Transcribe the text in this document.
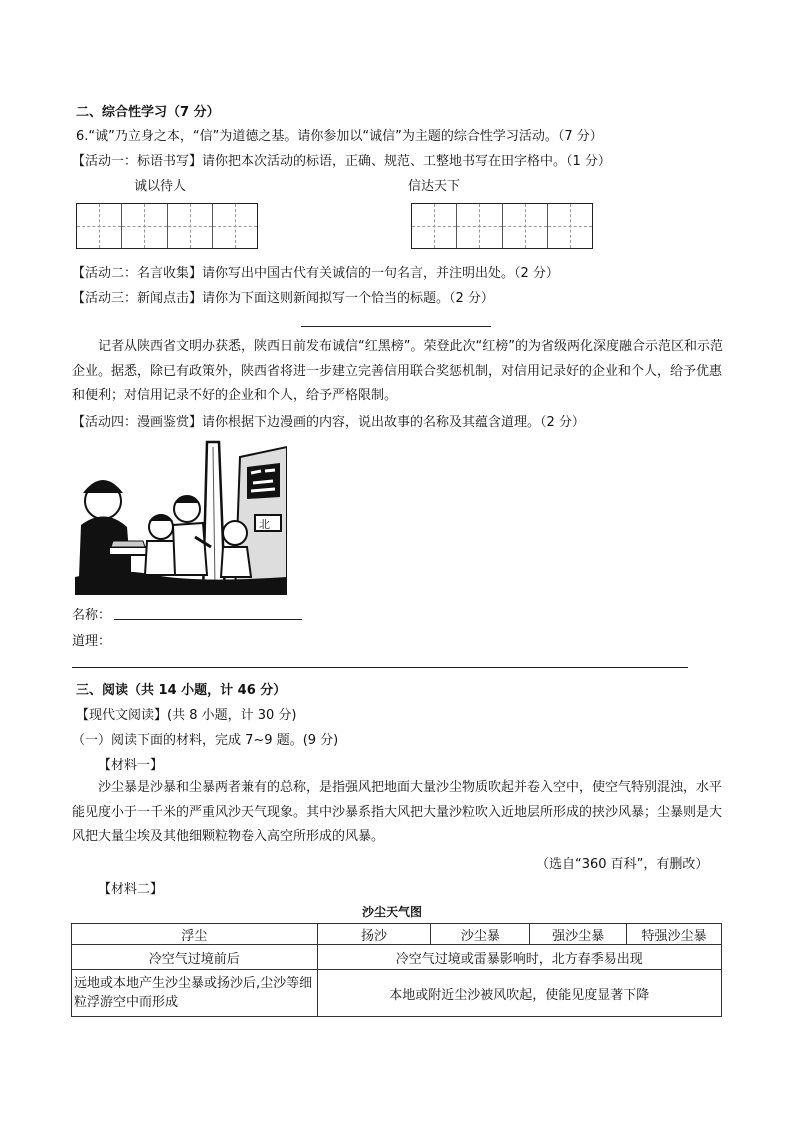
二、综合性学习（7 分）
6.“诚”乃立身之本，“信”为道德之基。请你参加以“诚信”为主题的综合性学习活动。（7 分）
【活动一：标语书写】请你把本次活动的标语，正确、规范、工整地书写在田字格中。（1 分）
诚以待人	信达天下
【活动二：名言收集】请你写出中国古代有关诚信的一句名言，并注明出处。（2 分）
【活动三：新闻点击】请你为下面这则新闻拟写一个恰当的标题。（2 分）
记者从陕西省文明办获悉，陕西日前发布诚信“红黑榜”。荣登此次“红榜”的为省级两化深度融合示范区和示范企业。据悉，除已有政策外，陕西省将进一步建立完善信用联合奖惩机制，对信用记录好的企业和个人，给予优惠和便利；对信用记录不好的企业和个人，给予严格限制。
【活动四：漫画鉴赏】请你根据下边漫画的内容，说出故事的名称及其蕴含道理。（2 分）
北
名称：
道理：
三、阅读（共 14 小题，计 46 分）
【现代文阅读】(共 8 小题，计 30 分)
（一）阅读下面的材料，完成 7~9 题。(9 分)
【材料一】
沙尘暴是沙暴和尘暴两者兼有的总称，是指强风把地面大量沙尘物质吹起并卷入空中，使空气特别混浊，水平能见度小于一千米的严重风沙天气现象。其中沙暴系指大风把大量沙粒吹入近地层所形成的挟沙风暴；尘暴则是大风把大量尘埃及其他细颗粒物卷入高空所形成的风暴。
（选自“360 百科”，有删改）
【材料二】
沙尘天气图
浮尘	扬沙	沙尘暴	强沙尘暴	特强沙尘暴
冷空气过境前后	冷空气过境或雷暴影响时，北方春季易出现			
远地或本地产生沙尘暴或扬沙后,尘沙等细粒浮游空中而形成	本地或附近尘沙被风吹起，使能见度显著下降			
